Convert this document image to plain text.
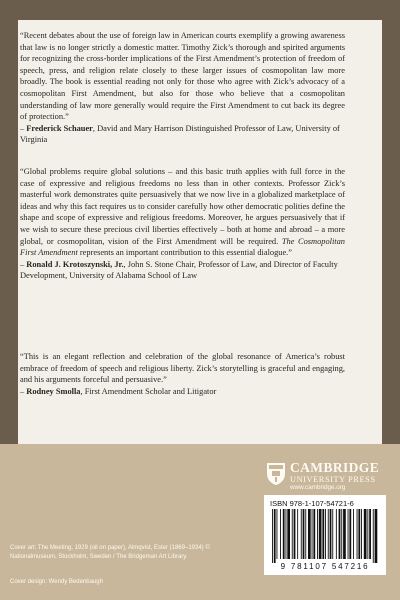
“Recent debates about the use of foreign law in American courts exemplify a growing awareness that law is no longer strictly a domestic matter. Timothy Zick’s thorough and spirited arguments for recognizing the cross-border implications of the First Amendment’s protection of freedom of speech, press, and religion relate closely to these larger issues of cosmopolitan law more broadly. The book is essential reading not only for those who agree with Zick’s advocacy of a cosmopolitan First Amendment, but also for those who believe that a cosmopolitan understanding of law more generally would require the First Amendment to cut back its degree of protection.”

– Frederick Schauer, David and Mary Harrison Distinguished Professor of Law, University of Virginia

“Global problems require global solutions – and this basic truth applies with full force in the case of expressive and religious freedoms no less than in other contexts. Professor Zick’s masterful work demonstrates quite persuasively that we now live in a globalized marketplace of ideas and why this fact requires us to consider carefully how other democratic polities define the shape and scope of expressive and religious freedoms. Moreover, he argues persuasively that if we wish to secure these precious civil liberties effectively – both at home and abroad – a more global, or cosmopolitan, vision of the First Amendment will be required. The Cosmopolitan First Amendment represents an important contribution to this essential dialogue.”

– Ronald J. Krotoszynski, Jr., John S. Stone Chair, Professor of Law, and Director of Faculty Development, University of Alabama School of Law

“This is an elegant reflection and celebration of the global resonance of America’s robust embrace of freedom of speech and religious liberty. Zick’s storytelling is graceful and engaging, and his arguments forceful and persuasive.”

– Rodney Smolla, First Amendment Scholar and Litigator

CAMBRIDGE
UNIVERSITY PRESS
www.cambridge.org
ISBN 978-1-107-54721-6
9 781107 547216
Cover art: The Meeting, 1929 (oil on paper), Almqvist, Ester (1869–1934) © Nationalmuseum, Stockholm, Sweden / The Bridgeman Art Library.
Cover design: Wendy Bedenbaugh
